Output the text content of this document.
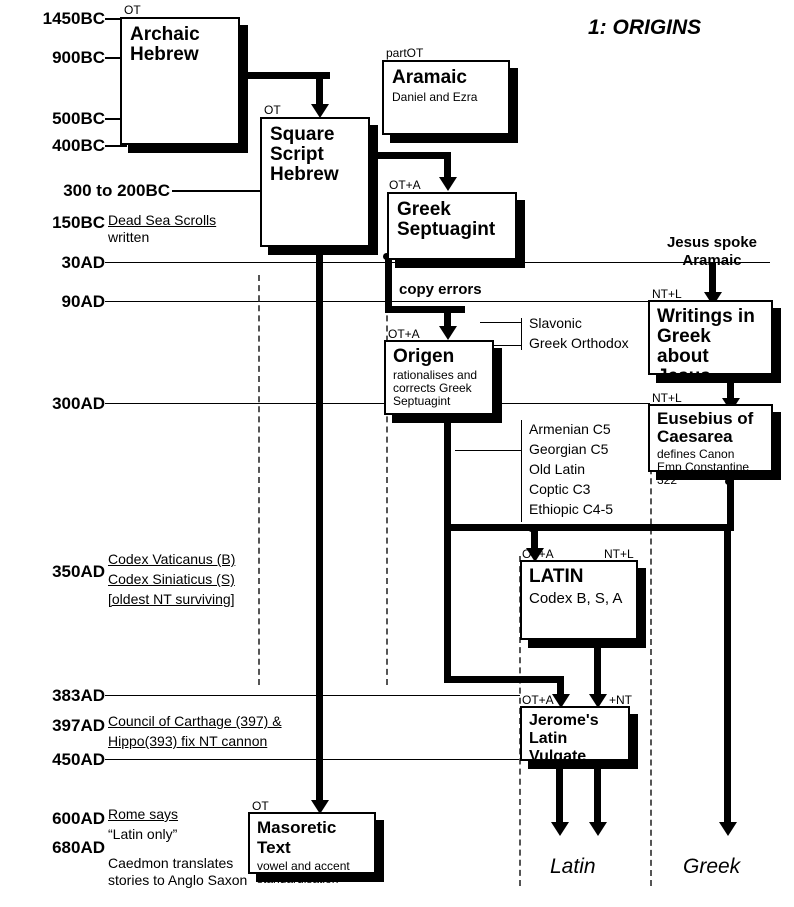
1: ORIGINS
1450BC
900BC
500BC
400BC
300 to 200BC
150BC Dead Sea Scrolls
written
30AD
90AD
300AD
350AD
Codex Vaticanus (B)
Codex Siniaticus (S)
[oldest NT surviving]
383AD
397AD Council of Carthage (397) &
Hippo(393) fix NT cannon
450AD
600AD Rome says
“Latin only”
680AD
Caedmon translates
stories to Anglo Saxon
Archaic
Hebrew
OT
Aramaic
Daniel and Ezra
partOT
Square
Script
Hebrew
OT
Greek
Septuagint
OT+A
copy errors
Jesus spoke
Aramaic
Origen
rationalises and
corrects Greek
Septuagint
OT+A
Writings in
Greek about
Jesus
NT+L
Eusebius of
Caesarea
defines Canon
Emp Constantine 322
NT+L
Slavonic
Greek Orthodox
Armenian C5
Georgian C5
Old Latin
Coptic C3
Ethiopic C4-5
LATIN
Codex B, S, A
OT+A	NT+L
Jerome's
Latin Vulgate
OT+A	+NT
Masoretic Text
vowel and accent
standardisation
OT
Latin	Greek
